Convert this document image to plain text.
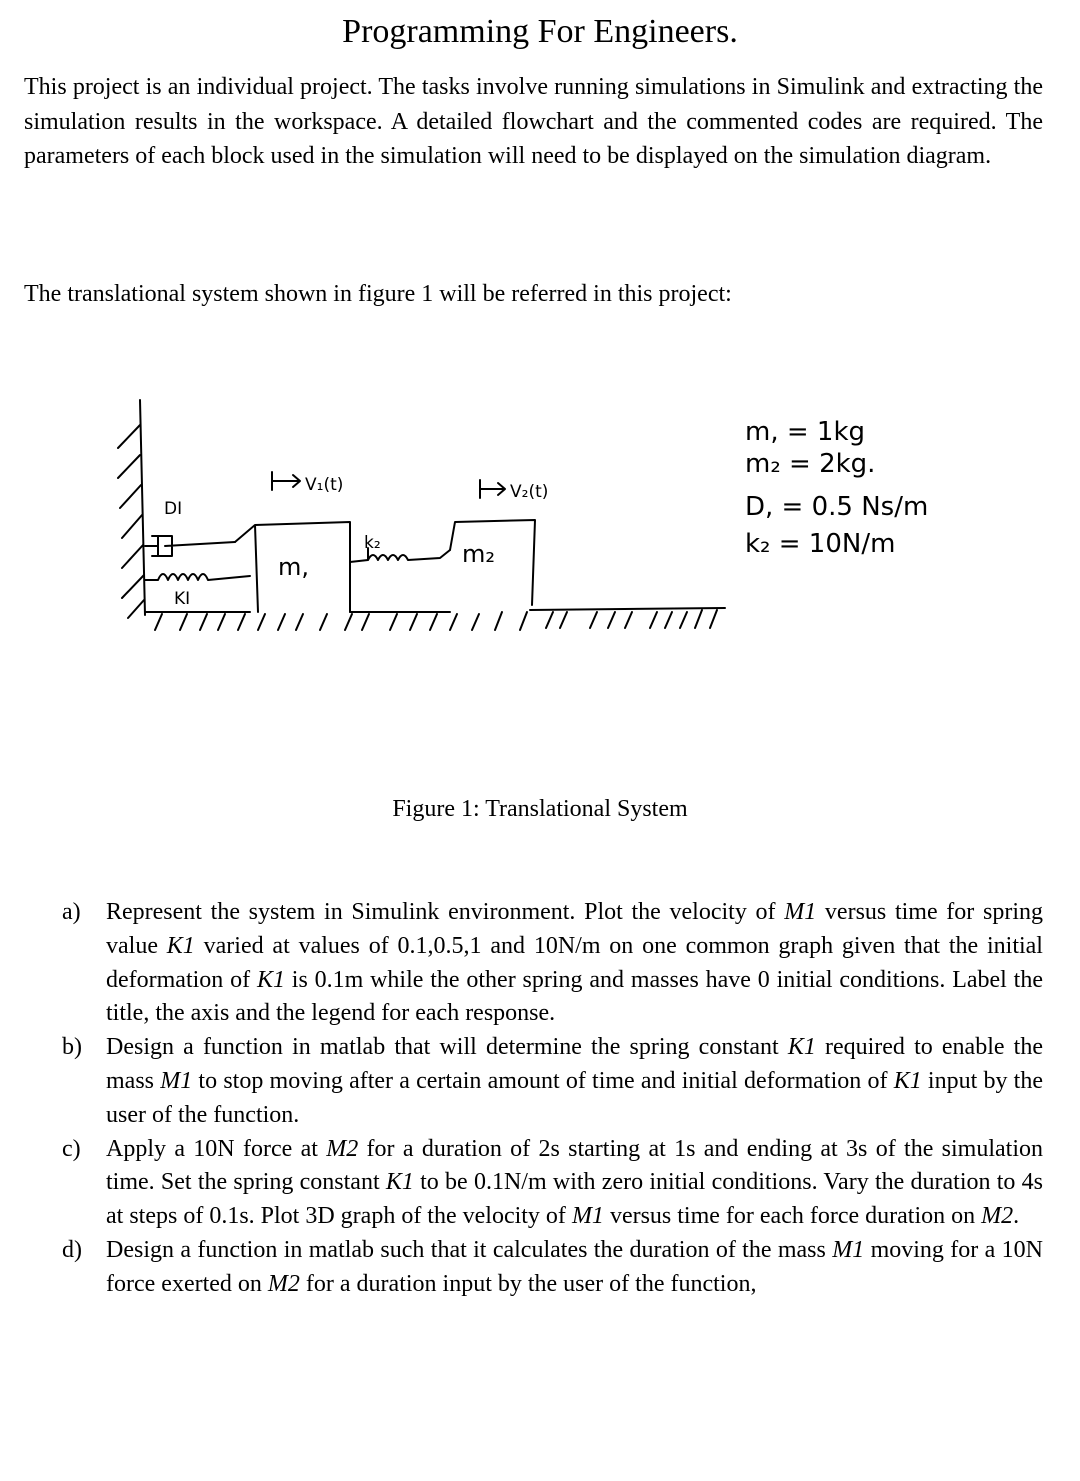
Programming For Engineers.
This project is an individual project. The tasks involve running simulations in Simulink and extracting the simulation results in the workspace. A detailed flowchart and the commented codes are required. The parameters of each block used in the simulation will need to be displayed on the simulation diagram.
The translational system shown in figure 1 will be referred in this project:
DI
KI
m,	m₂
k₂
V₁(t)	V₂(t)
m, = 1kg
m₂ = 2kg.
D, = 0.5 Ns/m
k₂ = 10N/m
Figure 1: Translational System
a) Represent the system in Simulink environment. Plot the velocity of M1 versus time for spring value K1 varied at values of 0.1,0.5,1 and 10N/m on one common graph given that the initial deformation of K1 is 0.1m while the other spring and masses have 0 initial conditions. Label the title, the axis and the legend for each response.
b) Design a function in matlab that will determine the spring constant K1 required to enable the mass M1 to stop moving after a certain amount of time and initial deformation of K1 input by the user of the function.
c) Apply a 10N force at M2 for a duration of 2s starting at 1s and ending at 3s of the simulation time. Set the spring constant K1 to be 0.1N/m with zero initial conditions. Vary the duration to 4s at steps of 0.1s. Plot 3D graph of the velocity of M1 versus time for each force duration on M2.
d) Design a function in matlab such that it calculates the duration of the mass M1 moving for a 10N force exerted on M2 for a duration input by the user of the function,
